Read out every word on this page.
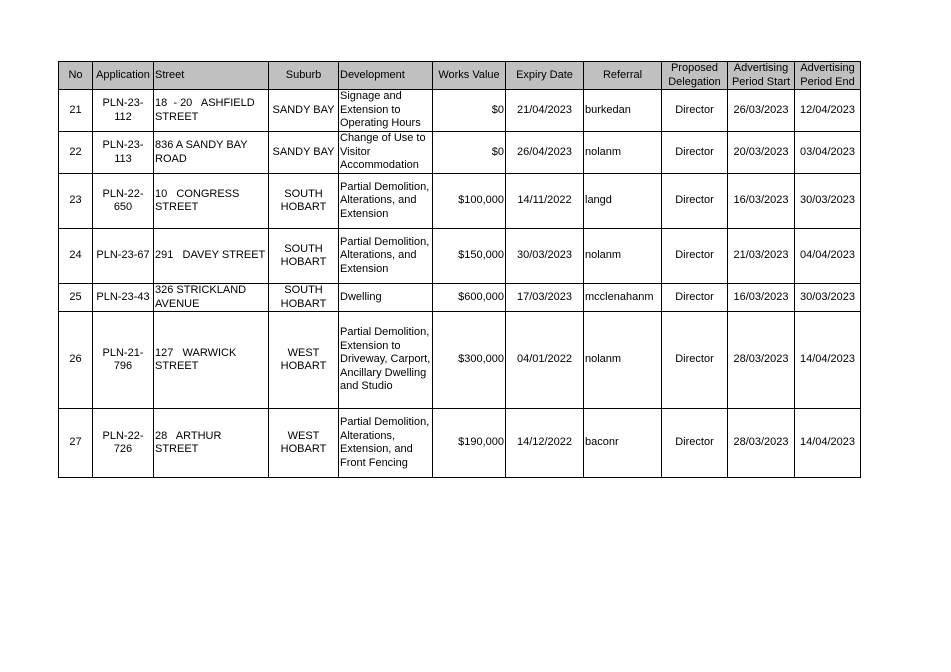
No	Application	Street	Suburb	Development	Works Value	Expiry Date	Referral	Proposed Delegation	Advertising Period Start	Advertising Period End
21	PLN-23-112	18  - 20   ASHFIELD STREET	SANDY BAY	Signage and Extension to Operating Hours	$0	21/04/2023	burkedan	Director	26/03/2023	12/04/2023
22	PLN-23-113	836 A SANDY BAY ROAD	SANDY BAY	Change of Use to Visitor Accommodation	$0	26/04/2023	nolanm	Director	20/03/2023	03/04/2023
23	PLN-22-650	10   CONGRESS STREET	SOUTH HOBART	Partial Demolition, Alterations, and Extension	$100,000	14/11/2022	langd	Director	16/03/2023	30/03/2023
24	PLN-23-67	291   DAVEY STREET	SOUTH HOBART	Partial Demolition, Alterations, and Extension	$150,000	30/03/2023	nolanm	Director	21/03/2023	04/04/2023
25	PLN-23-43	326 STRICKLAND AVENUE	SOUTH HOBART	Dwelling	$600,000	17/03/2023	mcclenahanm	Director	16/03/2023	30/03/2023
26	PLN-21-796	127   WARWICK STREET	WEST HOBART	Partial Demolition, Extension to Driveway, Carport, Ancillary Dwelling and Studio	$300,000	04/01/2022	nolanm	Director	28/03/2023	14/04/2023
27	PLN-22-726	28   ARTHUR STREET	WEST HOBART	Partial Demolition, Alterations, Extension, and Front Fencing	$190,000	14/12/2022	baconr	Director	28/03/2023	14/04/2023
